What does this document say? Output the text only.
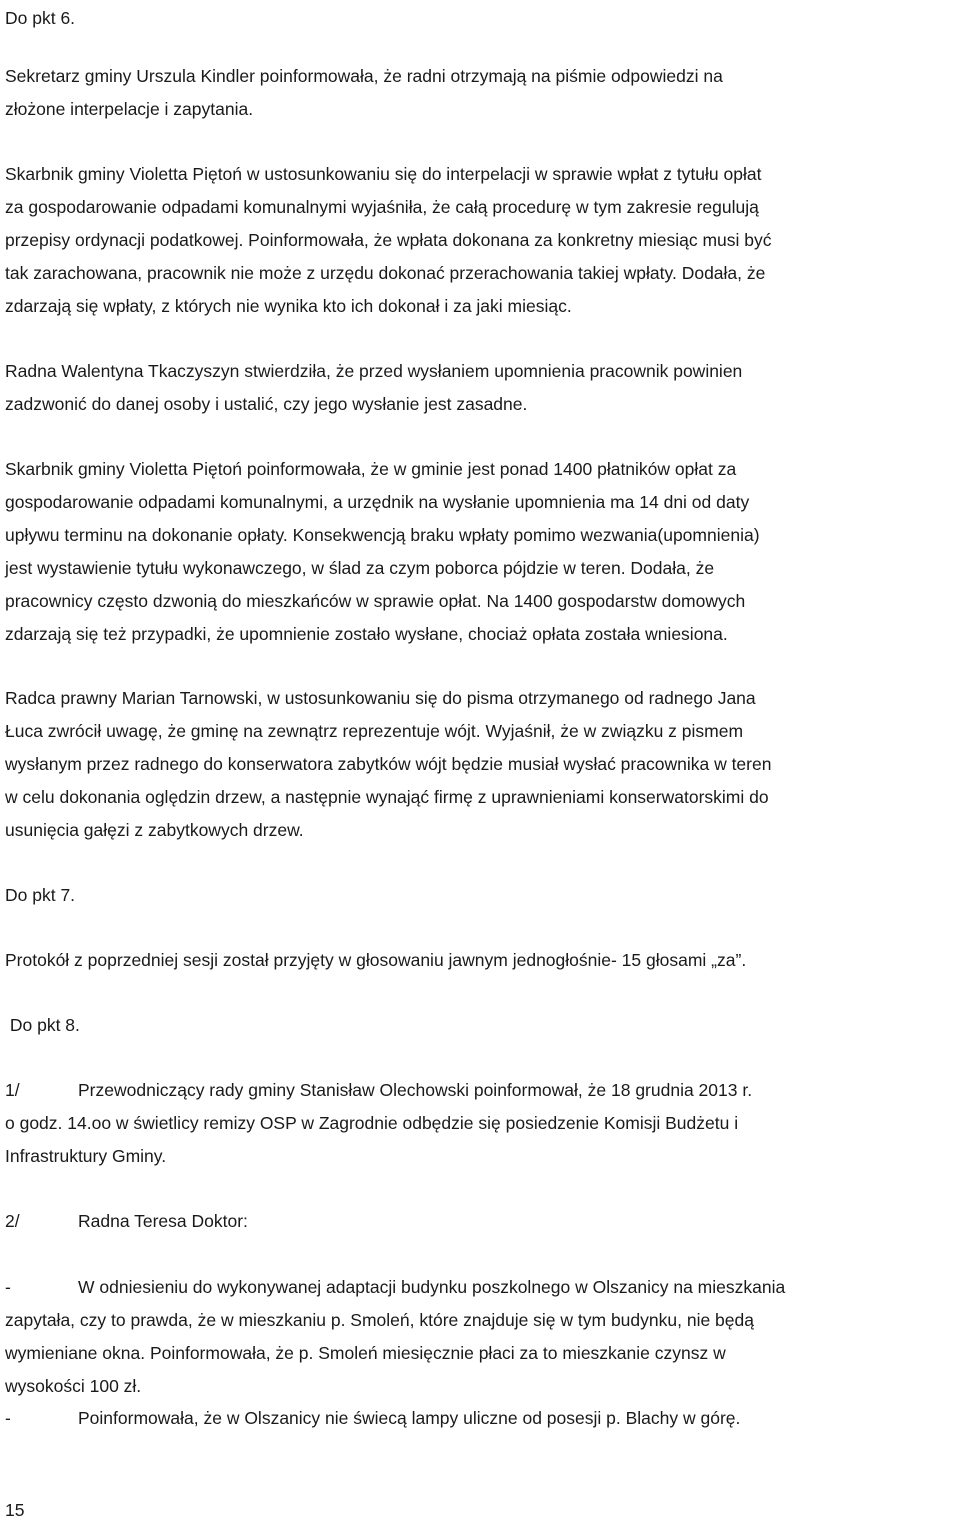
Do pkt 6.
Sekretarz gminy Urszula Kindler poinformowała, że radni otrzymają na piśmie odpowiedzi na
złożone interpelacje i zapytania.
Skarbnik gminy Violetta Piętoń w ustosunkowaniu się do interpelacji w sprawie wpłat z tytułu opłat
za gospodarowanie odpadami komunalnymi wyjaśniła, że całą procedurę w tym zakresie regulują
przepisy ordynacji podatkowej. Poinformowała, że wpłata dokonana za konkretny miesiąc musi być
tak zarachowana, pracownik nie może z urzędu dokonać przerachowania takiej wpłaty. Dodała, że
zdarzają się wpłaty, z których nie wynika kto ich dokonał i za jaki miesiąc.
Radna Walentyna Tkaczyszyn stwierdziła, że przed wysłaniem upomnienia pracownik powinien
zadzwonić do danej osoby i ustalić, czy jego wysłanie jest zasadne.
Skarbnik gminy Violetta Piętoń poinformowała, że w gminie jest ponad 1400 płatników opłat za
gospodarowanie odpadami komunalnymi, a urzędnik na wysłanie upomnienia ma 14 dni od daty
upływu terminu na dokonanie opłaty. Konsekwencją braku wpłaty pomimo wezwania(upomnienia)
jest wystawienie tytułu wykonawczego, w ślad za czym poborca pójdzie w teren. Dodała, że
pracownicy często dzwonią do mieszkańców w sprawie opłat. Na 1400 gospodarstw domowych
zdarzają się też przypadki, że upomnienie zostało wysłane, chociaż opłata została wniesiona.
Radca prawny Marian Tarnowski, w ustosunkowaniu się do pisma otrzymanego od radnego Jana
Łuca zwrócił uwagę, że gminę na zewnątrz reprezentuje wójt. Wyjaśnił, że w związku z pismem
wysłanym przez radnego do konserwatora zabytków wójt będzie musiał wysłać pracownika w teren
w celu dokonania oględzin drzew, a następnie wynająć firmę z uprawnieniami konserwatorskimi do
usunięcia gałęzi z zabytkowych drzew.
Do pkt 7.
Protokół z poprzedniej sesji został przyjęty w głosowaniu jawnym jednogłośnie- 15 głosami „za”.
Do pkt 8.
1/	Przewodniczący rady gminy Stanisław Olechowski poinformował, że 18 grudnia 2013 r.
o godz. 14.oo w świetlicy remizy OSP w Zagrodnie odbędzie się posiedzenie Komisji Budżetu i
Infrastruktury Gminy.
2/	Radna Teresa Doktor:
-	W odniesieniu do wykonywanej adaptacji budynku poszkolnego w Olszanicy na mieszkania
zapytała, czy to prawda, że w mieszkaniu p. Smoleń, które znajduje się w tym budynku, nie będą
wymieniane okna. Poinformowała, że p. Smoleń miesięcznie płaci za to mieszkanie czynsz w
wysokości 100 zł.
-	Poinformowała, że w Olszanicy nie świecą lampy uliczne od posesji p. Blachy w górę.
15
